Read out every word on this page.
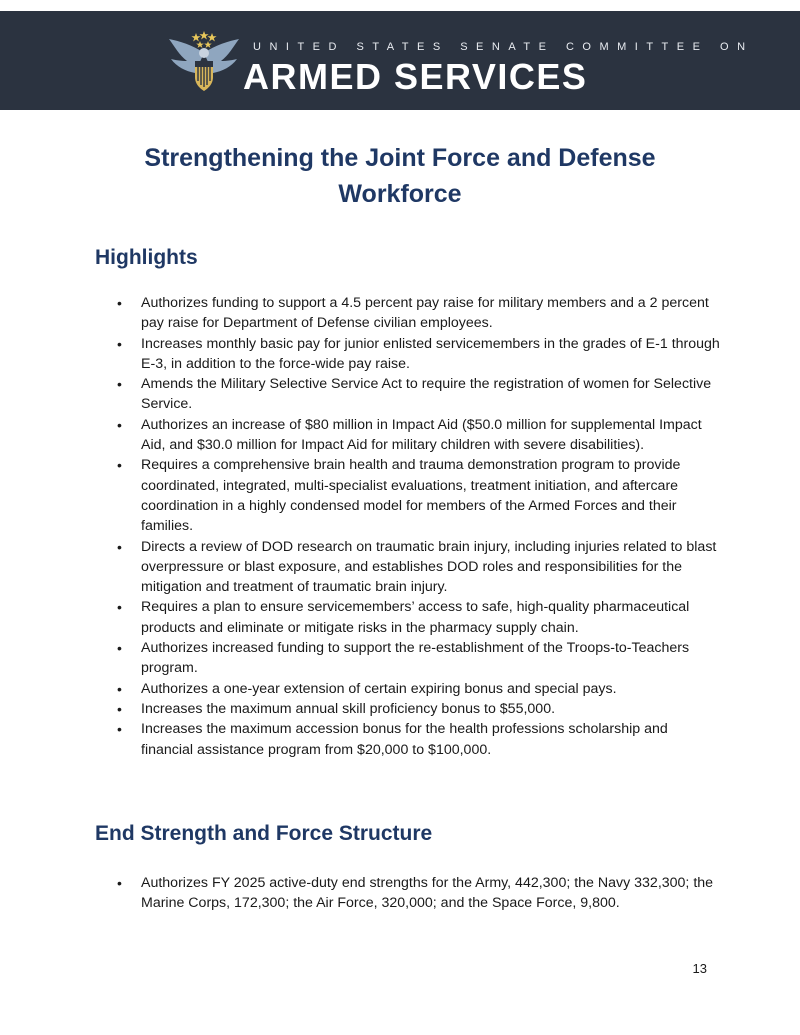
UNITED STATES SENATE COMMITTEE ON
ARMED SERVICES
Strengthening the Joint Force and Defense Workforce
Highlights
• Authorizes funding to support a 4.5 percent pay raise for military members and a 2 percent pay raise for Department of Defense civilian employees.
• Increases monthly basic pay for junior enlisted servicemembers in the grades of E-1 through E-3, in addition to the force-wide pay raise.
• Amends the Military Selective Service Act to require the registration of women for Selective Service.
• Authorizes an increase of $80 million in Impact Aid ($50.0 million for supplemental Impact Aid, and $30.0 million for Impact Aid for military children with severe disabilities).
• Requires a comprehensive brain health and trauma demonstration program to provide coordinated, integrated, multi-specialist evaluations, treatment initiation, and aftercare coordination in a highly condensed model for members of the Armed Forces and their families.
• Directs a review of DOD research on traumatic brain injury, including injuries related to blast overpressure or blast exposure, and establishes DOD roles and responsibilities for the mitigation and treatment of traumatic brain injury.
• Requires a plan to ensure servicemembers’ access to safe, high-quality pharmaceutical products and eliminate or mitigate risks in the pharmacy supply chain.
• Authorizes increased funding to support the re-establishment of the Troops-to-Teachers program.
• Authorizes a one-year extension of certain expiring bonus and special pays.
• Increases the maximum annual skill proficiency bonus to $55,000.
• Increases the maximum accession bonus for the health professions scholarship and financial assistance program from $20,000 to $100,000.
End Strength and Force Structure
• Authorizes FY 2025 active-duty end strengths for the Army, 442,300; the Navy 332,300; the Marine Corps, 172,300; the Air Force, 320,000; and the Space Force, 9,800.
13
